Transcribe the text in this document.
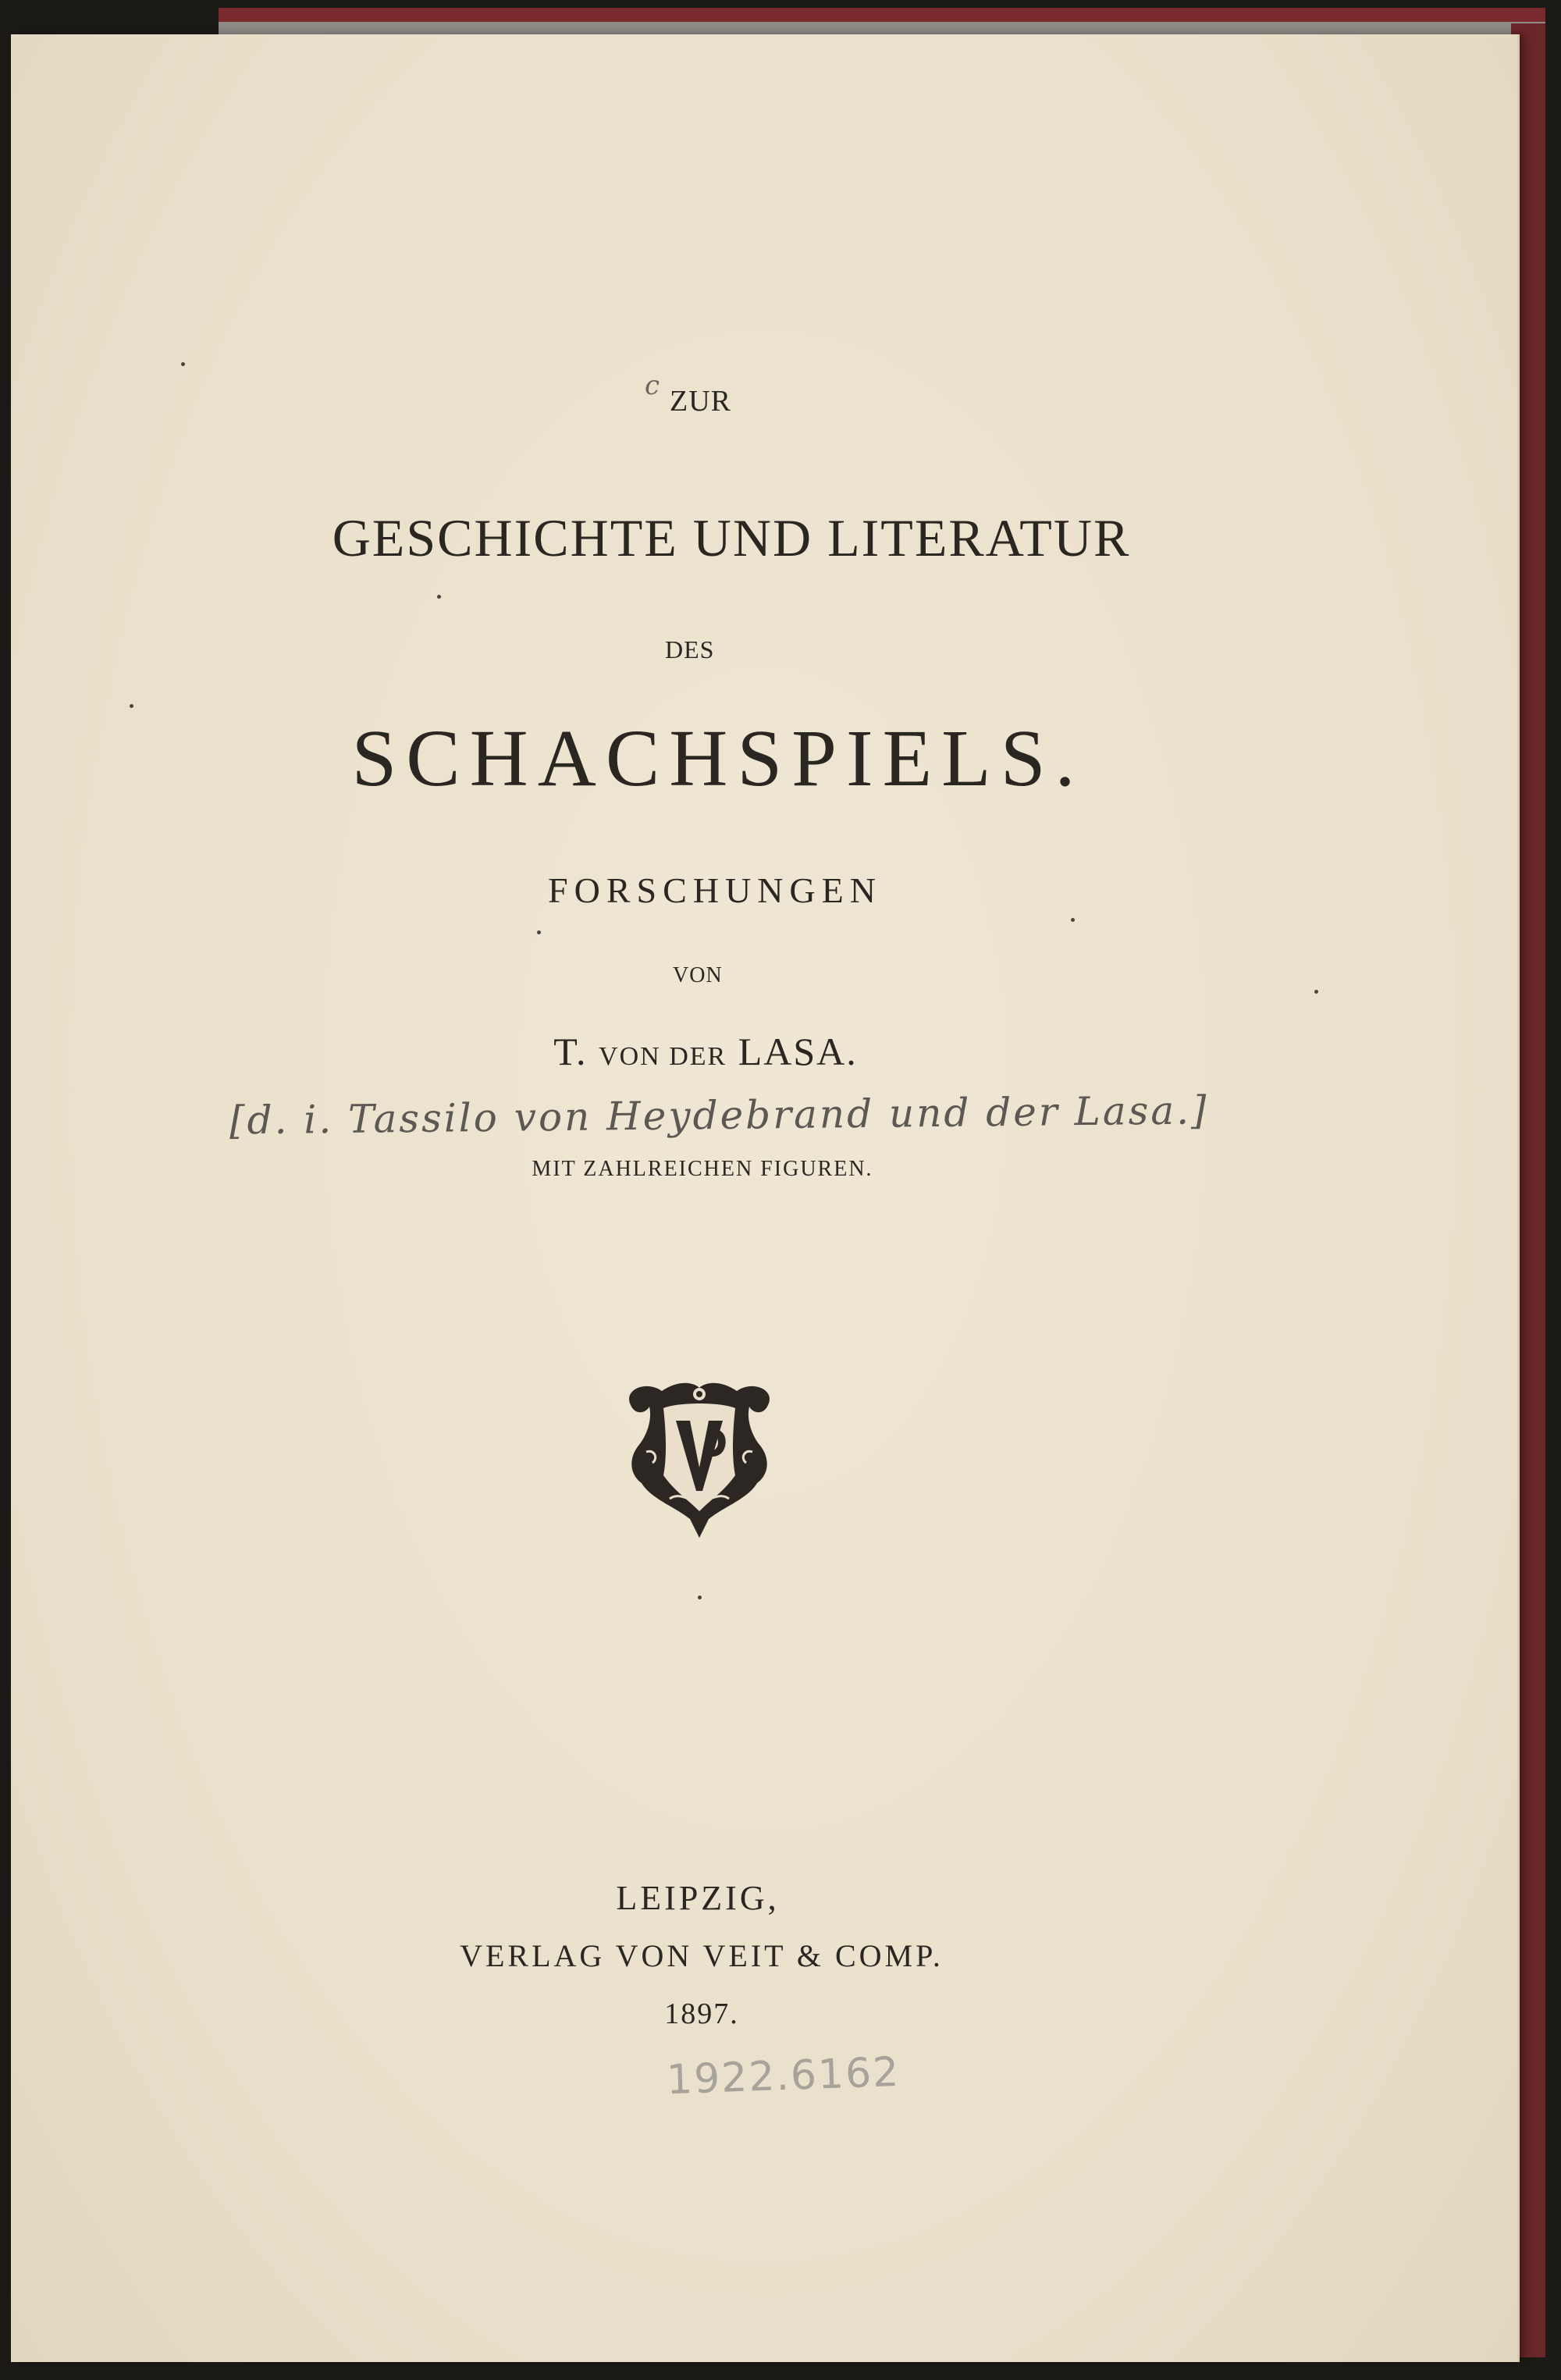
c ZUR
GESCHICHTE UND LITERATUR
DES
SCHACHSPIELS.
FORSCHUNGEN
VON
T. VON DER LASA.
[d. i. Tassilo von Heydebrand und der Lasa.]
MIT ZAHLREICHEN FIGUREN.
LEIPZIG,
VERLAG VON VEIT & COMP.
1897.
1922.6162
